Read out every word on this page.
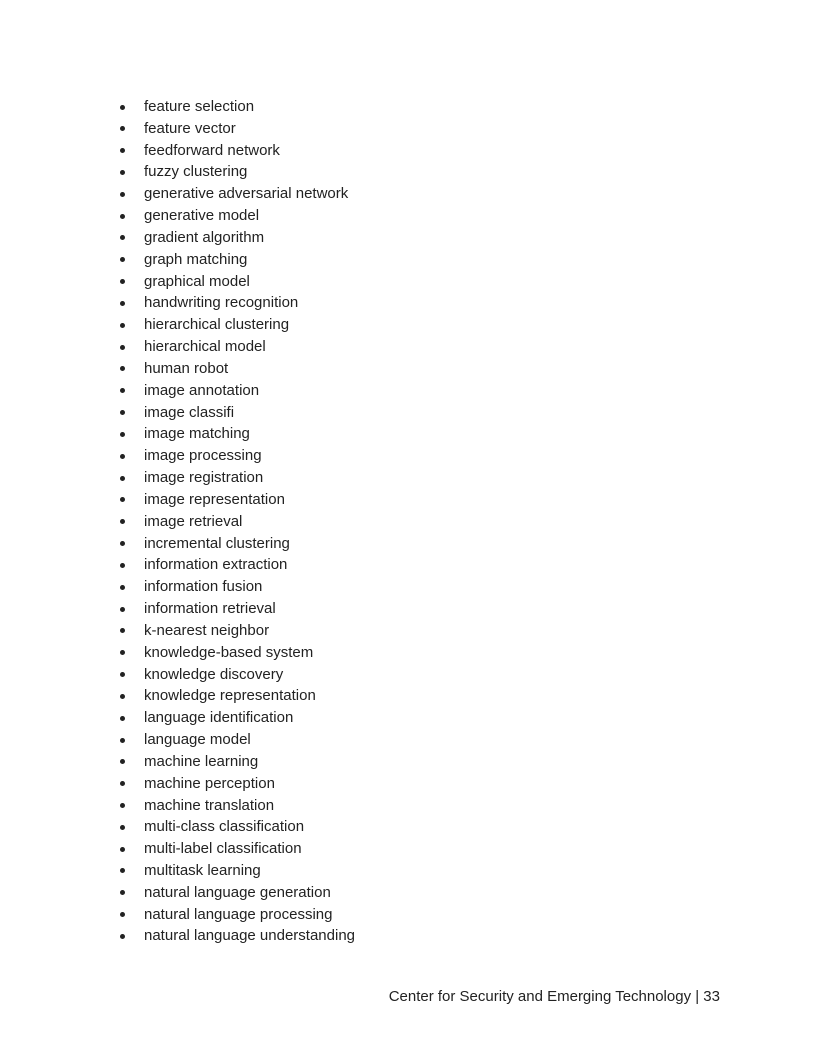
feature selection
feature vector
feedforward network
fuzzy clustering
generative adversarial network
generative model
gradient algorithm
graph matching
graphical model
handwriting recognition
hierarchical clustering
hierarchical model
human robot
image annotation
image classifi
image matching
image processing
image registration
image representation
image retrieval
incremental clustering
information extraction
information fusion
information retrieval
k-nearest neighbor
knowledge-based system
knowledge discovery
knowledge representation
language identification
language model
machine learning
machine perception
machine translation
multi-class classification
multi-label classification
multitask learning
natural language generation
natural language processing
natural language understanding
Center for Security and Emerging Technology | 33
